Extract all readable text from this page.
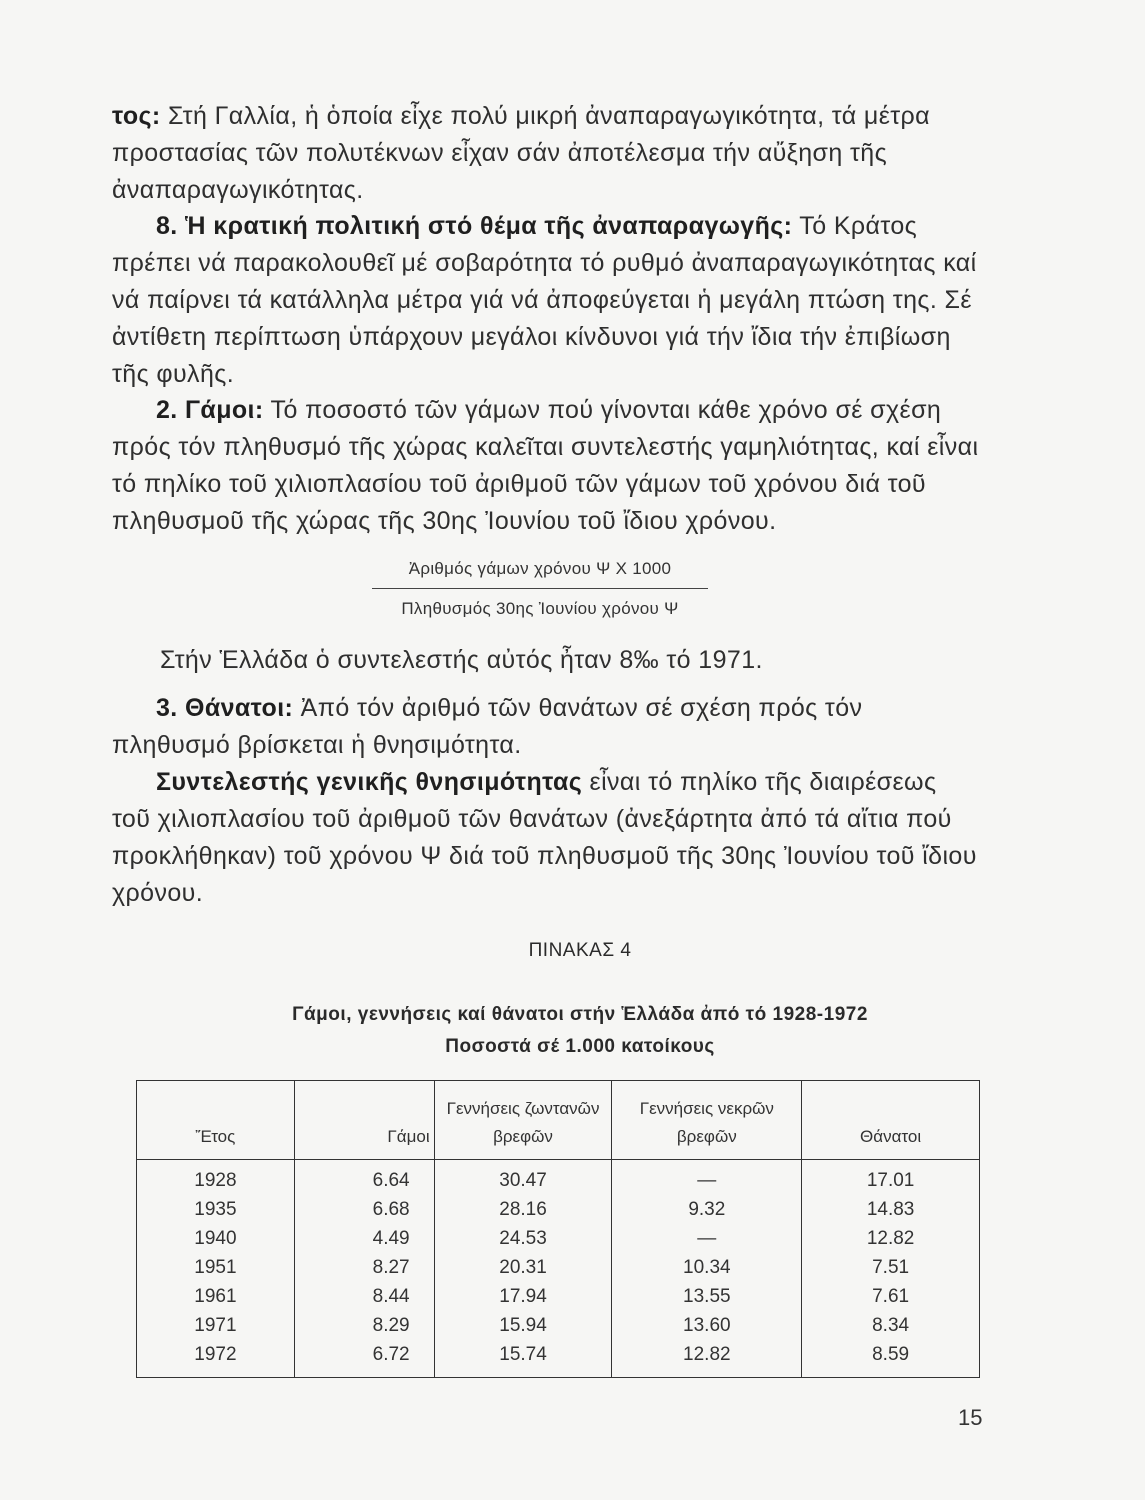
τος: Στή Γαλλία, ἡ ὁποία εἶχε πολύ μικρή ἀναπαραγωγικότητα, τά μέτρα προστασίας τῶν πολυτέκνων εἶχαν σάν ἀποτέλεσμα τήν αὔξηση τῆς ἀναπαραγωγικότητας.

8. Ἡ κρατική πολιτική στό θέμα τῆς ἀναπαραγωγῆς: Τό Κράτος πρέπει νά παρακολουθεῖ μέ σοβαρότητα τό ρυθμό ἀναπαραγωγικότητας καί νά παίρνει τά κατάλληλα μέτρα γιά νά ἀποφεύγεται ἡ μεγάλη πτώση της. Σέ ἀντίθετη περίπτωση ὑπάρχουν μεγάλοι κίνδυνοι γιά τήν ἴδια τήν ἐπιβίωση τῆς φυλῆς.

2. Γάμοι: Τό ποσοστό τῶν γάμων πού γίνονται κάθε χρόνο σέ σχέση πρός τόν πληθυσμό τῆς χώρας καλεῖται συντελεστής γαμηλιότητας, καί εἶναι τό πηλίκο τοῦ χιλιοπλασίου τοῦ ἀριθμοῦ τῶν γάμων τοῦ χρόνου διά τοῦ πληθυσμοῦ τῆς χώρας τῆς 30ης Ἰουνίου τοῦ ἴδιου χρόνου.

Ἀριθμός γάμων χρόνου Ψ X 1000
Πληθυσμός 30ης Ἰουνίου χρόνου Ψ

Στήν Ἑλλάδα ὁ συντελεστής αὐτός ἦταν 8‰ τό 1971.

3. Θάνατοι: Ἀπό τόν ἀριθμό τῶν θανάτων σέ σχέση πρός τόν πληθυσμό βρίσκεται ἡ θνησιμότητα.

Συντελεστής γενικῆς θνησιμότητας εἶναι τό πηλίκο τῆς διαιρέσεως τοῦ χιλιοπλασίου τοῦ ἀριθμοῦ τῶν θανάτων (ἀνεξάρτητα ἀπό τά αἴτια πού προκλήθηκαν) τοῦ χρόνου Ψ διά τοῦ πληθυσμοῦ τῆς 30ης Ἰουνίου τοῦ ἴδιου χρόνου.

ΠΙΝΑΚΑΣ 4
Γάμοι, γεννήσεις καί θάνατοι στήν Ἑλλάδα ἀπό τό 1928-1972
Ποσοστά σέ 1.000 κατοίκους
Ἔτος	Γάμοι	Γεννήσεις ζωντανῶν βρεφῶν	Γεννήσεις νεκρῶν βρεφῶν	Θάνατοι
1928	6.64	30.47	—	17.01
1935	6.68	28.16	9.32	14.83
1940	4.49	24.53	—	12.82
1951	8.27	20.31	10.34	7.51
1961	8.44	17.94	13.55	7.61
1971	8.29	15.94	13.60	8.34
1972	6.72	15.74	12.82	8.59
15
